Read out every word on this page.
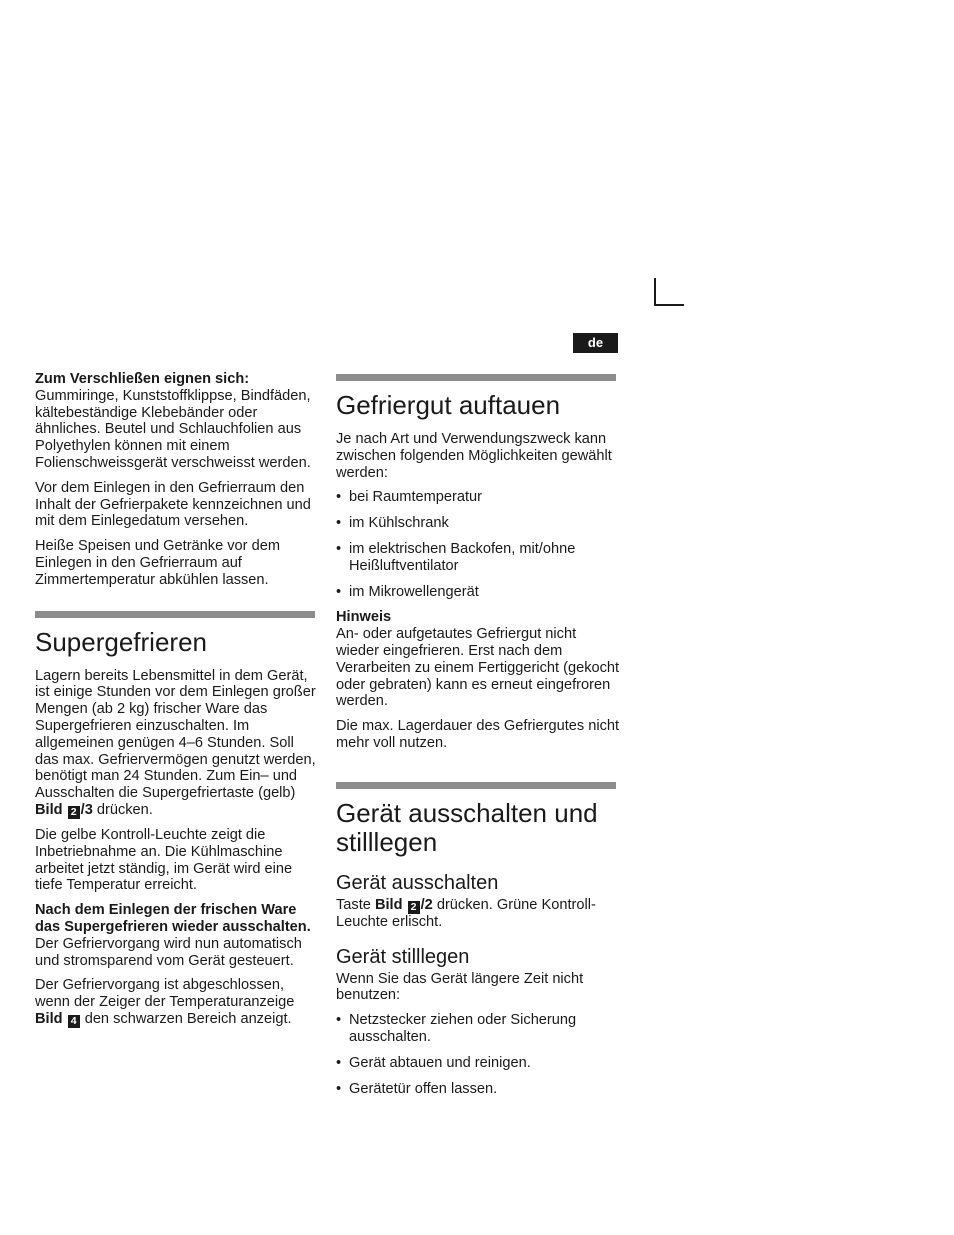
de

Zum Verschließen eignen sich:

Gummiringe, Kunststoffklippse, Bindfäden, kältebeständige Klebebänder oder ähnliches. Beutel und Schlauchfolien aus Polyethylen können mit einem Folienschweissgerät verschweisst werden.

Vor dem Einlegen in den Gefrierraum den Inhalt der Gefrierpakete kennzeichnen und mit dem Einlegedatum versehen.

Heiße Speisen und Getränke vor dem Einlegen in den Gefrierraum auf Zimmertemperatur abkühlen lassen.

Supergefrieren

Lagern bereits Lebensmittel in dem Gerät, ist einige Stunden vor dem Einlegen großer Mengen (ab 2 kg) frischer Ware das Supergefrieren einzuschalten. Im allgemeinen genügen 4–6 Stunden. Soll das max. Gefriervermögen genutzt werden, benötigt man 24 Stunden. Zum Ein– und Ausschalten die Supergefriertaste (gelb) Bild 2 /3 drücken.

Die gelbe Kontroll-Leuchte zeigt die Inbetriebnahme an. Die Kühlmaschine arbeitet jetzt ständig, im Gerät wird eine tiefe Temperatur erreicht.

Nach dem Einlegen der frischen Ware das Supergefrieren wieder ausschalten. Der Gefriervorgang wird nun automatisch und stromsparend vom Gerät gesteuert.

Der Gefriervorgang ist abgeschlossen, wenn der Zeiger der Temperaturanzeige Bild 4 den schwarzen Bereich anzeigt.

Gefriergut auftauen

Je nach Art und Verwendungszweck kann zwischen folgenden Möglichkeiten gewählt werden:

• bei Raumtemperatur
• im Kühlschrank
• im elektrischen Backofen, mit/ohne Heißluftventilator
• im Mikrowellengerät

Hinweis

An- oder aufgetautes Gefriergut nicht wieder eingefrieren. Erst nach dem Verarbeiten zu einem Fertiggericht (gekocht oder gebraten) kann es erneut eingefroren werden.

Die max. Lagerdauer des Gefriergutes nicht mehr voll nutzen.

Gerät ausschalten und stilllegen
Gerät ausschalten

Taste Bild 2 /2 drücken. Grüne Kontroll-Leuchte erlischt.

Gerät stilllegen

Wenn Sie das Gerät längere Zeit nicht benutzen:

• Netzstecker ziehen oder Sicherung ausschalten.
• Gerät abtauen und reinigen.
• Gerätetür offen lassen.
